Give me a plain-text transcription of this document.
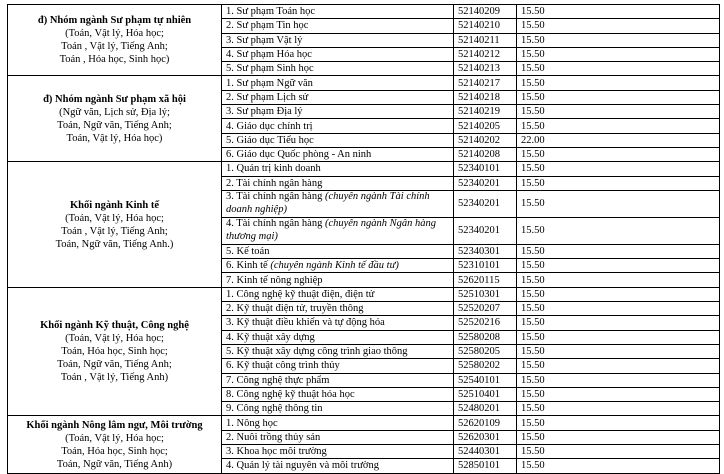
đ) Nhóm ngành Sư phạm tự nhiên
(Toán, Vật lý, Hóa học;
Toán , Vật lý, Tiếng Anh;
Toán , Hóa học, Sinh học)	1. Sư phạm Toán học	52140209	15.50
	2. Sư phạm Tin học	52140210	15.50
	3. Sư phạm Vật lý	52140211	15.50
	4. Sư phạm Hóa học	52140212	15.50
	5. Sư phạm Sinh học	52140213	15.50

đ) Nhóm ngành Sư phạm xã hội
(Ngữ văn, Lịch sử, Địa lý;
Toán, Ngữ văn, Tiếng Anh;
Toán, Vật lý, Hóa học)	1. Sư phạm Ngữ văn	52140217	15.50
	2. Sư phạm Lịch sử	52140218	15.50
	3. Sư phạm Địa lý	52140219	15.50
	4. Giáo dục chính trị	52140205	15.50
	5. Giáo dục Tiểu học	52140202	22.00
	6. Giáo dục Quốc phòng - An ninh	52140208	15.50

Khối ngành Kinh tế
(Toán, Vật lý, Hóa học;
Toán , Vật lý, Tiếng Anh;
Toán, Ngữ văn, Tiếng Anh.)	1. Quản trị kinh doanh	52340101	15.50
	2. Tài chính ngân hàng	52340201	15.50
	3. Tài chính ngân hàng (chuyên ngành Tài chính doanh nghiệp)	52340201	15.50
	4. Tài chính ngân hàng (chuyên ngành Ngân hàng thương mại)	52340201	15.50
	5. Kế toán	52340301	15.50
	6. Kinh tế (chuyên ngành Kinh tế đầu tư)	52310101	15.50
	7. Kinh tế nông nghiệp	52620115	15.50

Khối ngành Kỹ thuật, Công nghệ
(Toán, Vật lý, Hóa học;
Toán, Hóa học, Sinh học;
Toán, Ngữ văn, Tiếng Anh;
Toán , Vật lý, Tiếng Anh)	1. Công nghệ kỹ thuật điện, điện tử	52510301	15.50
	2. Kỹ thuật điện tử, truyền thông	52520207	15.50
	3. Kỹ thuật điều khiển và tự động hóa	52520216	15.50
	4. Kỹ thuật xây dựng	52580208	15.50
	5. Kỹ thuật xây dựng công trình giao thông	52580205	15.50
	6. Kỹ thuật công trình thủy	52580202	15.50
	7. Công nghệ thực phẩm	52540101	15.50
	8. Công nghệ kỹ thuật hóa học	52510401	15.50
	9. Công nghệ thông tin	52480201	15.50

Khối ngành Nông lâm ngư, Môi trường
(Toán, Vật lý, Hóa học;
Toán, Hóa học, Sinh học;
Toán, Ngữ văn, Tiếng Anh)	1. Nông học	52620109	15.50
	2. Nuôi trồng thủy sản	52620301	15.50
	3. Khoa học môi trường	52440301	15.50
	4. Quản lý tài nguyên và môi trường	52850101	15.50
